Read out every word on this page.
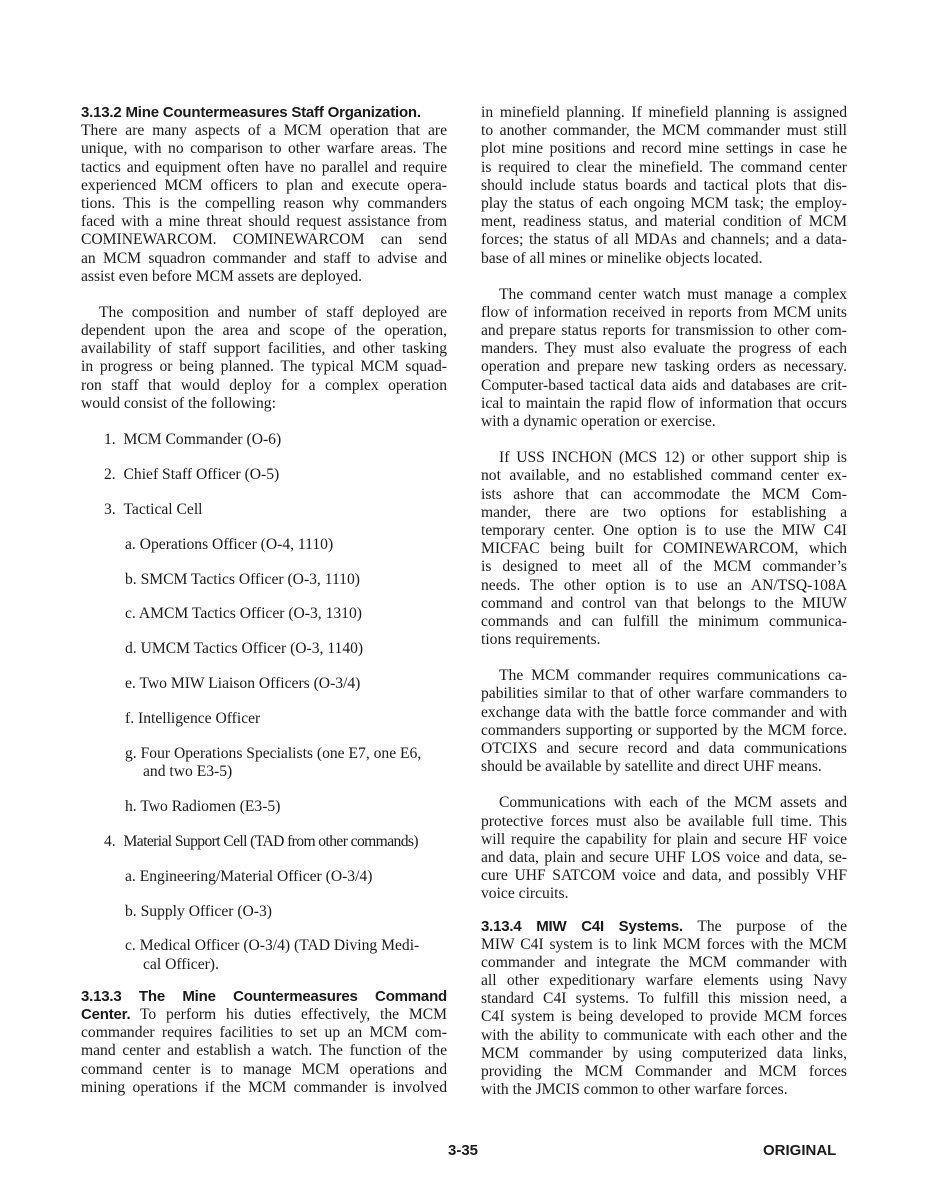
3.13.2 Mine Countermeasures Staff Organization.
There are many aspects of a MCM operation that are
unique, with no comparison to other warfare areas. The
tactics and equipment often have no parallel and require
experienced MCM officers to plan and execute opera-
tions. This is the compelling reason why commanders
faced with a mine threat should request assistance from
COMINEWARCOM. COMINEWARCOM can send
an MCM squadron commander and staff to advise and
assist even before MCM assets are deployed.
The composition and number of staff deployed are
dependent upon the area and scope of the operation,
availability of staff support facilities, and other tasking
in progress or being planned. The typical MCM squad-
ron staff that would deploy for a complex operation
would consist of the following:
1. MCM Commander (O-6)
2. Chief Staff Officer (O-5)
3. Tactical Cell
a. Operations Officer (O-4, 1110)
b. SMCM Tactics Officer (O-3, 1110)
c. AMCM Tactics Officer (O-3, 1310)
d. UMCM Tactics Officer (O-3, 1140)
e. Two MIW Liaison Officers (O-3/4)
f. Intelligence Officer
g. Four Operations Specialists (one E7, one E6,
and two E3-5)
h. Two Radiomen (E3-5)
4. Material Support Cell (TAD from other commands)
a. Engineering/Material Officer (O-3/4)
b. Supply Officer (O-3)
c. Medical Officer (O-3/4) (TAD Diving Medi-
cal Officer).
3.13.3 The Mine Countermeasures Command
Center. To perform his duties effectively, the MCM
commander requires facilities to set up an MCM com-
mand center and establish a watch. The function of the
command center is to manage MCM operations and
mining operations if the MCM commander is involved
in minefield planning. If minefield planning is assigned
to another commander, the MCM commander must still
plot mine positions and record mine settings in case he
is required to clear the minefield. The command center
should include status boards and tactical plots that dis-
play the status of each ongoing MCM task; the employ-
ment, readiness status, and material condition of MCM
forces; the status of all MDAs and channels; and a data-
base of all mines or minelike objects located.
The command center watch must manage a complex
flow of information received in reports from MCM units
and prepare status reports for transmission to other com-
manders. They must also evaluate the progress of each
operation and prepare new tasking orders as necessary.
Computer-based tactical data aids and databases are crit-
ical to maintain the rapid flow of information that occurs
with a dynamic operation or exercise.
If USS INCHON (MCS 12) or other support ship is
not available, and no established command center ex-
ists ashore that can accommodate the MCM Com-
mander, there are two options for establishing a
temporary center. One option is to use the MIW C4I
MICFAC being built for COMINEWARCOM, which
is designed to meet all of the MCM commander’s
needs. The other option is to use an AN/TSQ-108A
command and control van that belongs to the MIUW
commands and can fulfill the minimum communica-
tions requirements.
The MCM commander requires communications ca-
pabilities similar to that of other warfare commanders to
exchange data with the battle force commander and with
commanders supporting or supported by the MCM force.
OTCIXS and secure record and data communications
should be available by satellite and direct UHF means.
Communications with each of the MCM assets and
protective forces must also be available full time. This
will require the capability for plain and secure HF voice
and data, plain and secure UHF LOS voice and data, se-
cure UHF SATCOM voice and data, and possibly VHF
voice circuits.
3.13.4 MIW C4I Systems. The purpose of the
MIW C4I system is to link MCM forces with the MCM
commander and integrate the MCM commander with
all other expeditionary warfare elements using Navy
standard C4I systems. To fulfill this mission need, a
C4I system is being developed to provide MCM forces
with the ability to communicate with each other and the
MCM commander by using computerized data links,
providing the MCM Commander and MCM forces
with the JMCIS common to other warfare forces.
3-35	ORIGINAL
